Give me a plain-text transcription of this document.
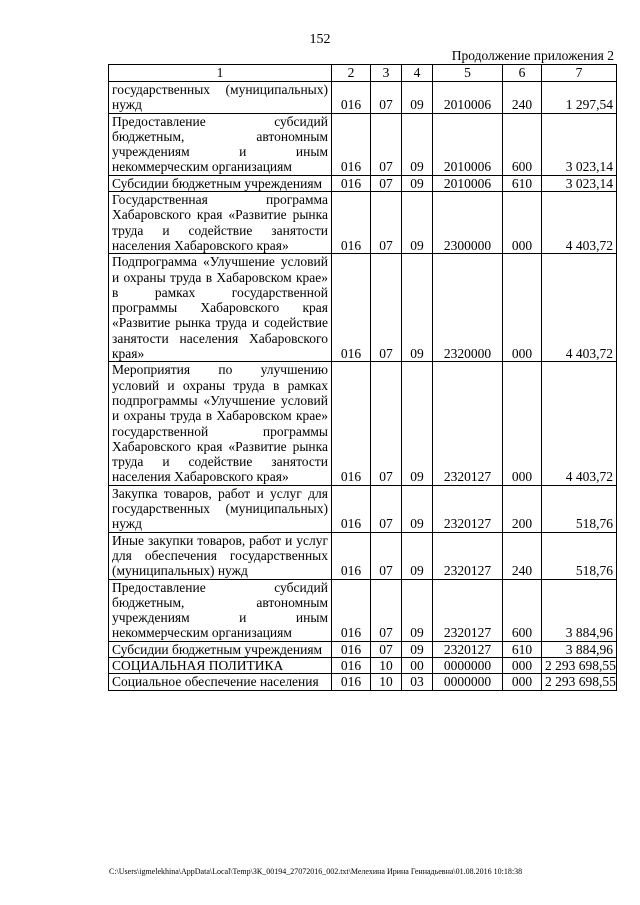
152
Продолжение приложения 2
1	2	3	4	5	6	7

государственных (муниципальных) нужд	016	07	09	2010006	240	1 297,54

Предоставление субсидий бюджетным, автономным учреждениям и иным некоммерческим организациям	016	07	09	2010006	600	3 023,14

Субсидии бюджетным учреждениям	016	07	09	2010006	610	3 023,14

Государственная программа Хабаровского края «Развитие рынка труда и содействие занятости населения Хабаровского края»	016	07	09	2300000	000	4 403,72

Подпрограмма «Улучшение условий и охраны труда в Хабаровском крае» в рамках государственной программы Хабаровского края «Развитие рынка труда и содействие занятости населения Хабаровского края»	016	07	09	2320000	000	4 403,72

Мероприятия по улучшению условий и охраны труда в рамках подпрограммы «Улучшение условий и охраны труда в Хабаровском крае» государственной программы Хабаровского края «Развитие рынка труда и содействие занятости населения Хабаровского края»	016	07	09	2320127	000	4 403,72

Закупка товаров, работ и услуг для государственных (муниципальных) нужд	016	07	09	2320127	200	518,76

Иные закупки товаров, работ и услуг для обеспечения государственных (муниципальных) нужд	016	07	09	2320127	240	518,76

Предоставление субсидий бюджетным, автономным учреждениям и иным некоммерческим организациям	016	07	09	2320127	600	3 884,96

Субсидии бюджетным учреждениям	016	07	09	2320127	610	3 884,96

СОЦИАЛЬНАЯ ПОЛИТИКА	016	10	00	0000000	000	2 293 698,55

Социальное обеспечение населения	016	10	03	0000000	000	2 293 698,55
C:\Users\igmelekhina\AppData\Local\Temp\ЗК_00194_27072016_002.txt\Мелехина Ирина Геннадьевна\01.08.2016 10:18:38
